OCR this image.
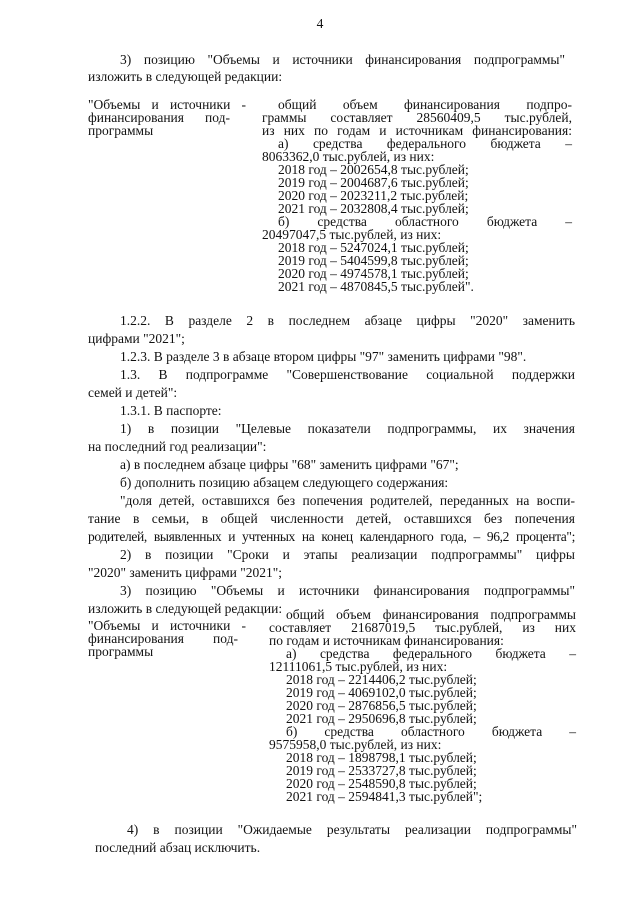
4
3) позицию "Объемы и источники финансирования подпрограммы"
изложить в следующей редакции:
"Объемы и источники -
финансирования под-
программы
общий объем финансирования подпро-
граммы составляет 28560409,5 тыс.рублей,
из них по годам и источникам финансирования:
а) средства федерального бюджета –
8063362,0 тыс.рублей, из них:
2018 год – 2002654,8 тыс.рублей;
2019 год – 2004687,6 тыс.рублей;
2020 год – 2023211,2 тыс.рублей;
2021 год – 2032808,4 тыс.рублей;
б) средства областного бюджета –
20497047,5 тыс.рублей, из них:
2018 год – 5247024,1 тыс.рублей;
2019 год – 5404599,8 тыс.рублей;
2020 год – 4974578,1 тыс.рублей;
2021 год – 4870845,5 тыс.рублей".
1.2.2. В разделе 2 в последнем абзаце цифры "2020" заменить
цифрами "2021";
1.2.3. В разделе 3 в абзаце втором цифры "97" заменить цифрами "98".
1.3. В подпрограмме "Совершенствование социальной поддержки
семей и детей":
1.3.1. В паспорте:
1) в позиции "Целевые показатели подпрограммы, их значения
на последний год реализации":
а) в последнем абзаце цифры "68" заменить цифрами "67";
б) дополнить позицию абзацем следующего содержания:
"доля детей, оставшихся без попечения родителей, переданных на воспи-
тание в семьи, в общей численности детей, оставшихся без попечения
родителей, выявленных и учтенных на конец календарного года, – 96,2 процента";
2) в позиции "Сроки и этапы реализации подпрограммы" цифры
"2020" заменить цифрами "2021";
3) позицию "Объемы и источники финансирования подпрограммы"
изложить в следующей редакции:
"Объемы и источники -
финансирования под-
программы
общий объем финансирования подпрограммы
составляет 21687019,5 тыс.рублей, из них
по годам и источникам финансирования:
а) средства федерального бюджета –
12111061,5 тыс.рублей, из них:
2018 год – 2214406,2 тыс.рублей;
2019 год – 4069102,0 тыс.рублей;
2020 год – 2876856,5 тыс.рублей;
2021 год – 2950696,8 тыс.рублей;
б) средства областного бюджета –
9575958,0 тыс.рублей, из них:
2018 год – 1898798,1 тыс.рублей;
2019 год – 2533727,8 тыс.рублей;
2020 год – 2548590,8 тыс.рублей;
2021 год – 2594841,3 тыс.рублей";
4) в позиции "Ожидаемые результаты реализации подпрограммы"
последний абзац исключить.
